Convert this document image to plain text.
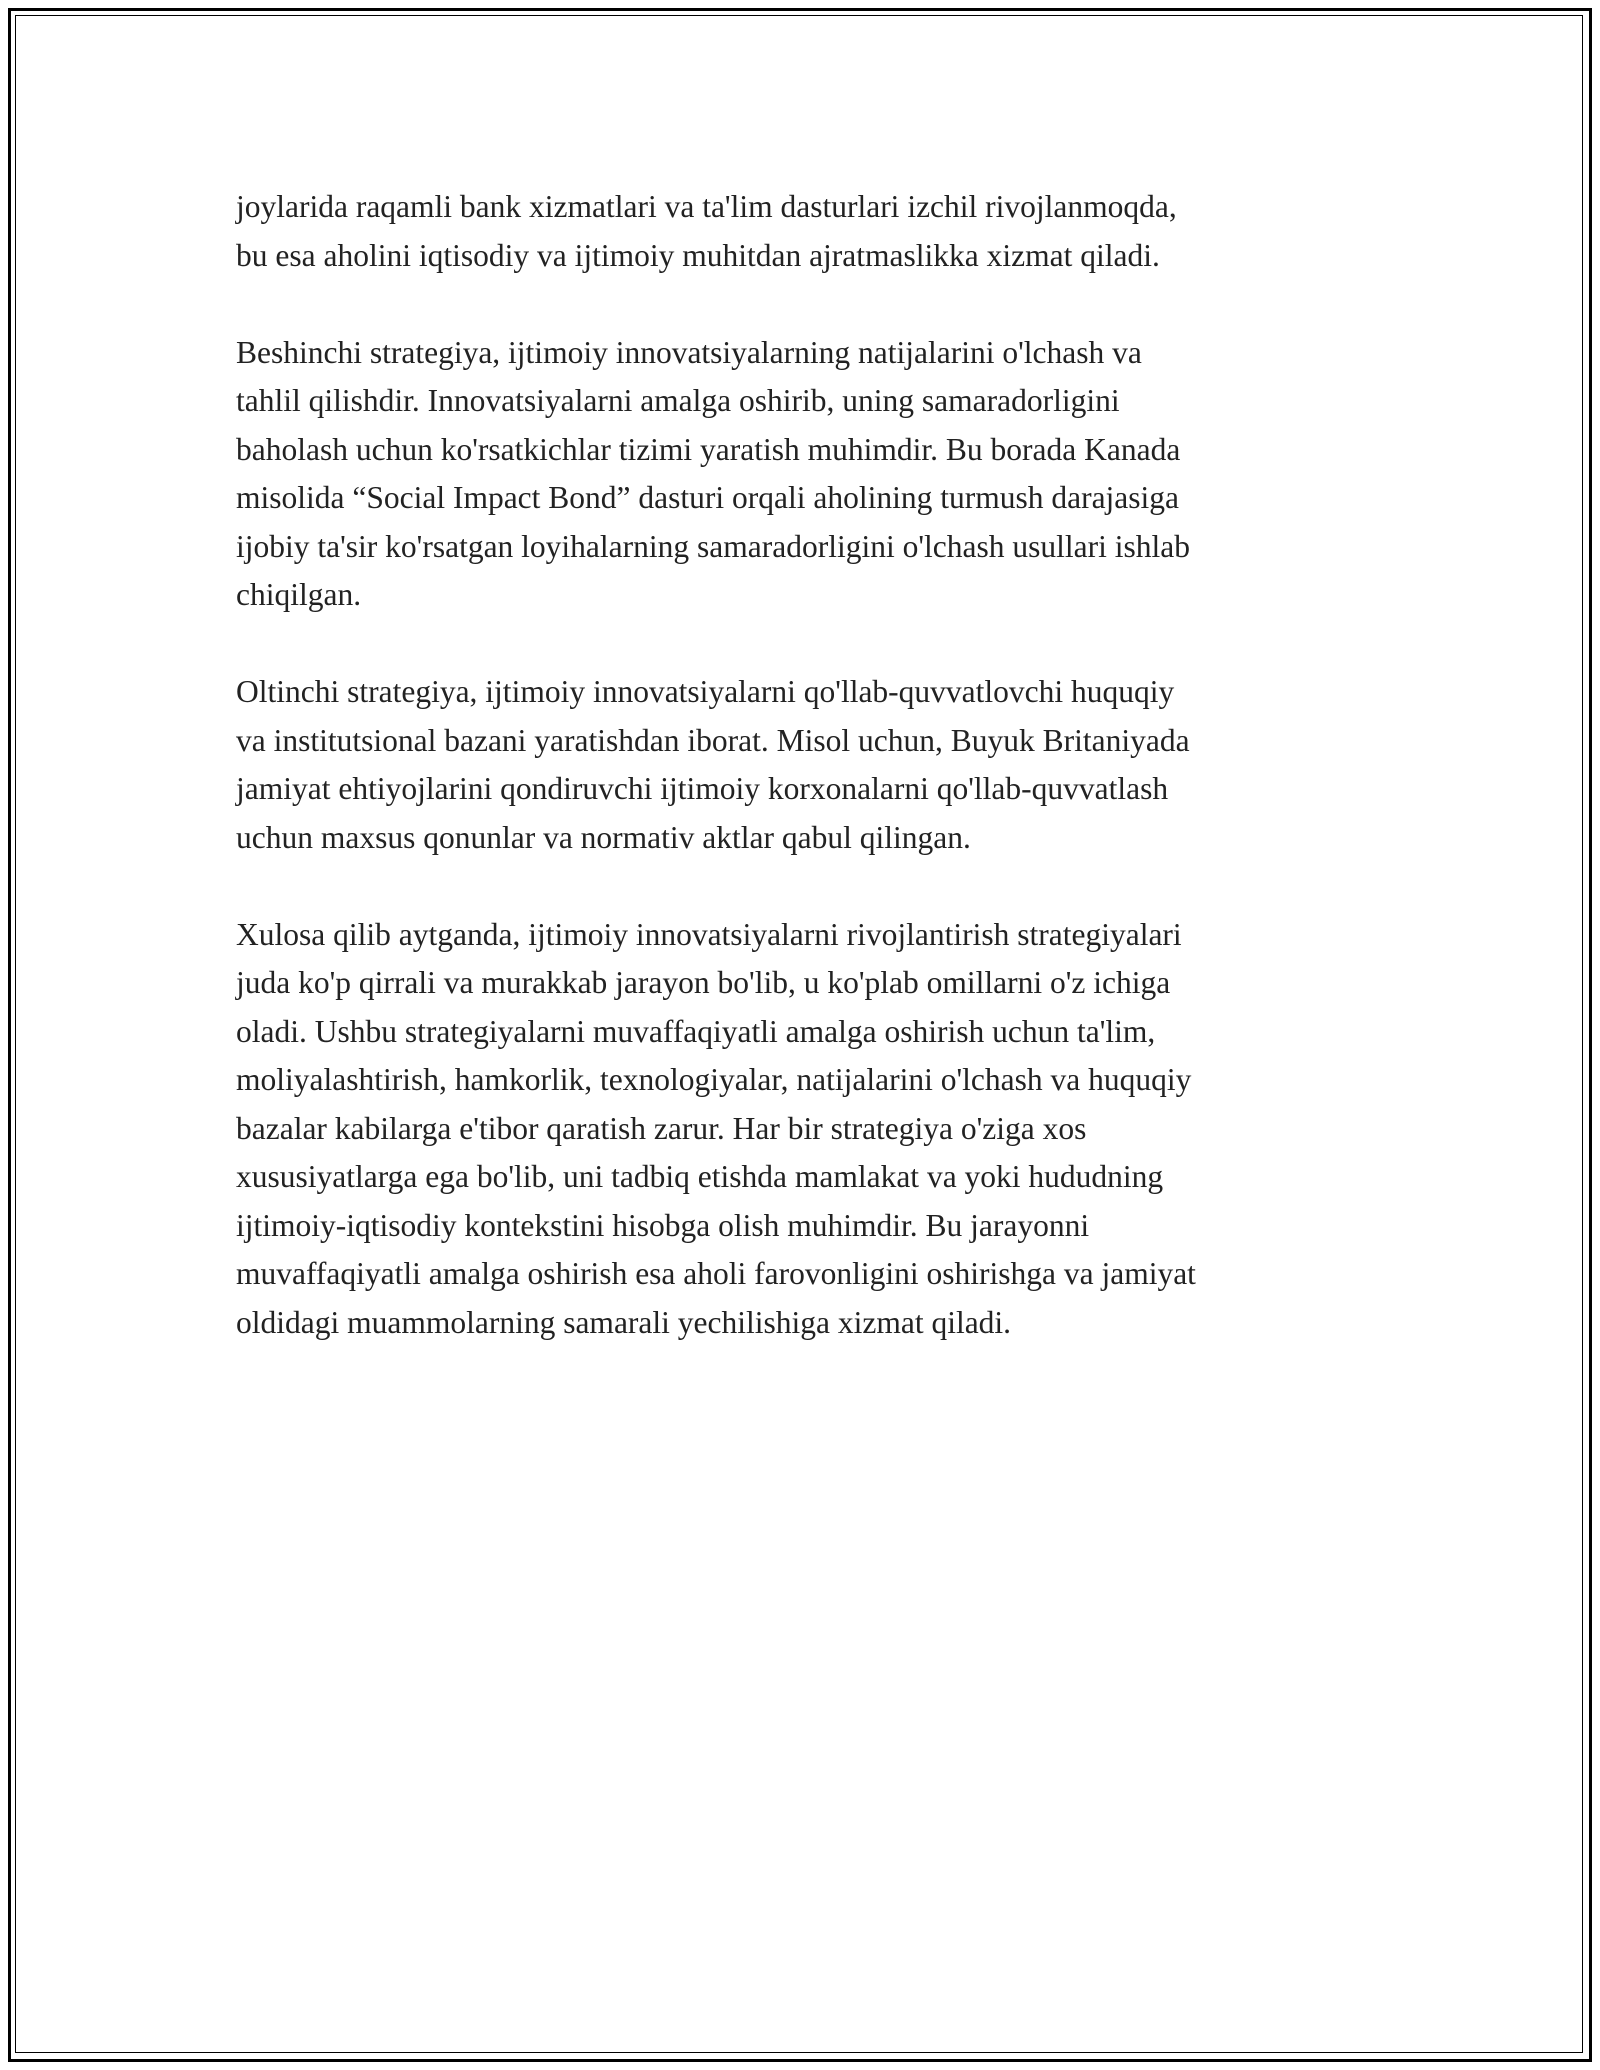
joylarida raqamli bank xizmatlari va ta'lim dasturlari izchil rivojlanmoqda,
bu esa aholini iqtisodiy va ijtimoiy muhitdan ajratmaslikka xizmat qiladi.

Beshinchi strategiya, ijtimoiy innovatsiyalarning natijalarini o'lchash va
tahlil qilishdir. Innovatsiyalarni amalga oshirib, uning samaradorligini
baholash uchun ko'rsatkichlar tizimi yaratish muhimdir. Bu borada Kanada
misolida “Social Impact Bond” dasturi orqali aholining turmush darajasiga
ijobiy ta'sir ko'rsatgan loyihalarning samaradorligini o'lchash usullari ishlab
chiqilgan.

Oltinchi strategiya, ijtimoiy innovatsiyalarni qo'llab-quvvatlovchi huquqiy
va institutsional bazani yaratishdan iborat. Misol uchun, Buyuk Britaniyada
jamiyat ehtiyojlarini qondiruvchi ijtimoiy korxonalarni qo'llab-quvvatlash
uchun maxsus qonunlar va normativ aktlar qabul qilingan.

Xulosa qilib aytganda, ijtimoiy innovatsiyalarni rivojlantirish strategiyalari
juda ko'p qirrali va murakkab jarayon bo'lib, u ko'plab omillarni o'z ichiga
oladi. Ushbu strategiyalarni muvaffaqiyatli amalga oshirish uchun ta'lim,
moliyalashtirish, hamkorlik, texnologiyalar, natijalarini o'lchash va huquqiy
bazalar kabilarga e'tibor qaratish zarur. Har bir strategiya o'ziga xos
xususiyatlarga ega bo'lib, uni tadbiq etishda mamlakat va yoki hududning
ijtimoiy-iqtisodiy kontekstini hisobga olish muhimdir. Bu jarayonni
muvaffaqiyatli amalga oshirish esa aholi farovonligini oshirishga va jamiyat
oldidagi muammolarning samarali yechilishiga xizmat qiladi.
